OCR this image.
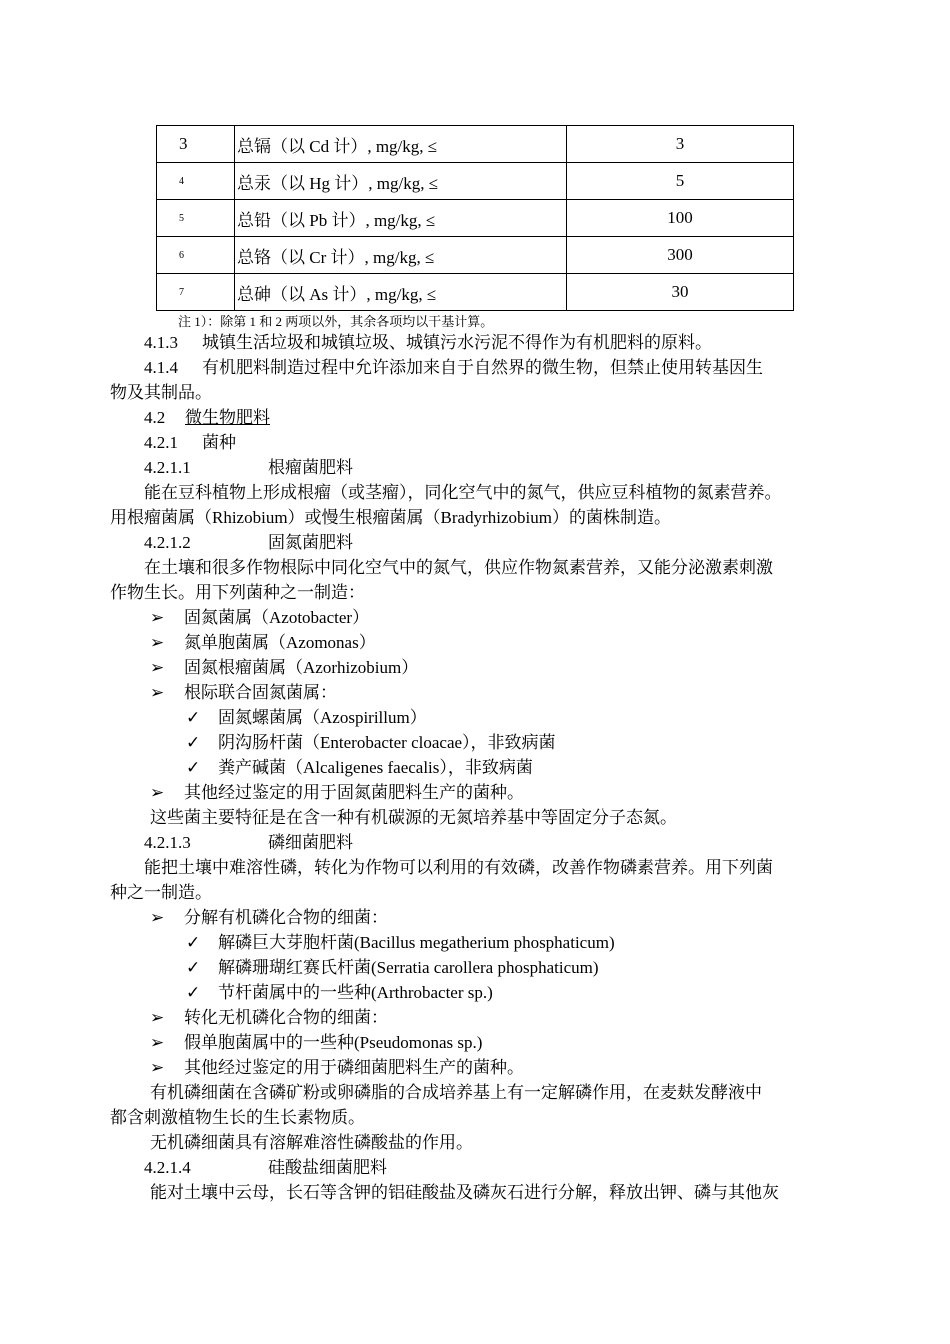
3	总镉（以 Cd 计）, mg/kg, ≤	3
4	总汞（以 Hg 计）, mg/kg, ≤	5
5	总铅（以 Pb 计）, mg/kg, ≤	100
6	总铬（以 Cr 计）, mg/kg, ≤	300
7	总砷（以 As 计）, mg/kg, ≤	30
注 1）：除第 1 和 2 两项以外，其余各项均以干基计算。
4.1.3 城镇生活垃圾和城镇垃圾、城镇污水污泥不得作为有机肥料的原料。
4.1.4 有机肥料制造过程中允许添加来自于自然界的微生物，但禁止使用转基因生
物及其制品。
4.2 微生物肥料
4.2.1 菌种
4.2.1.1	根瘤菌肥料
能在豆科植物上形成根瘤（或茎瘤），同化空气中的氮气，供应豆科植物的氮素营养。
用根瘤菌属（Rhizobium）或慢生根瘤菌属（Bradyrhizobium）的菌株制造。
4.2.1.2	固氮菌肥料
在土壤和很多作物根际中同化空气中的氮气，供应作物氮素营养，又能分泌激素刺激
作物生长。用下列菌种之一制造：
➢ 固氮菌属（Azotobacter）
➢ 氮单胞菌属（Azomonas）
➢ 固氮根瘤菌属（Azorhizobium）
➢ 根际联合固氮菌属：
✓ 固氮螺菌属（Azospirillum）
✓ 阴沟肠杆菌（Enterobacter cloacae），非致病菌
✓ 粪产碱菌（Alcaligenes faecalis），非致病菌
➢ 其他经过鉴定的用于固氮菌肥料生产的菌种。
这些菌主要特征是在含一种有机碳源的无氮培养基中等固定分子态氮。
4.2.1.3	磷细菌肥料
能把土壤中难溶性磷，转化为作物可以利用的有效磷，改善作物磷素营养。用下列菌
种之一制造。
➢ 分解有机磷化合物的细菌：
✓ 解磷巨大芽胞杆菌(Bacillus megatherium phosphaticum)
✓ 解磷珊瑚红赛氏杆菌(Serratia carollera phosphaticum)
✓ 节杆菌属中的一些种(Arthrobacter sp.)
➢ 转化无机磷化合物的细菌：
➢ 假单胞菌属中的一些种(Pseudomonas sp.)
➢ 其他经过鉴定的用于磷细菌肥料生产的菌种。
有机磷细菌在含磷矿粉或卵磷脂的合成培养基上有一定解磷作用，在麦麸发酵液中
都含刺激植物生长的生长素物质。
无机磷细菌具有溶解难溶性磷酸盐的作用。
4.2.1.4	硅酸盐细菌肥料
能对土壤中云母，长石等含钾的铝硅酸盐及磷灰石进行分解，释放出钾、磷与其他灰
